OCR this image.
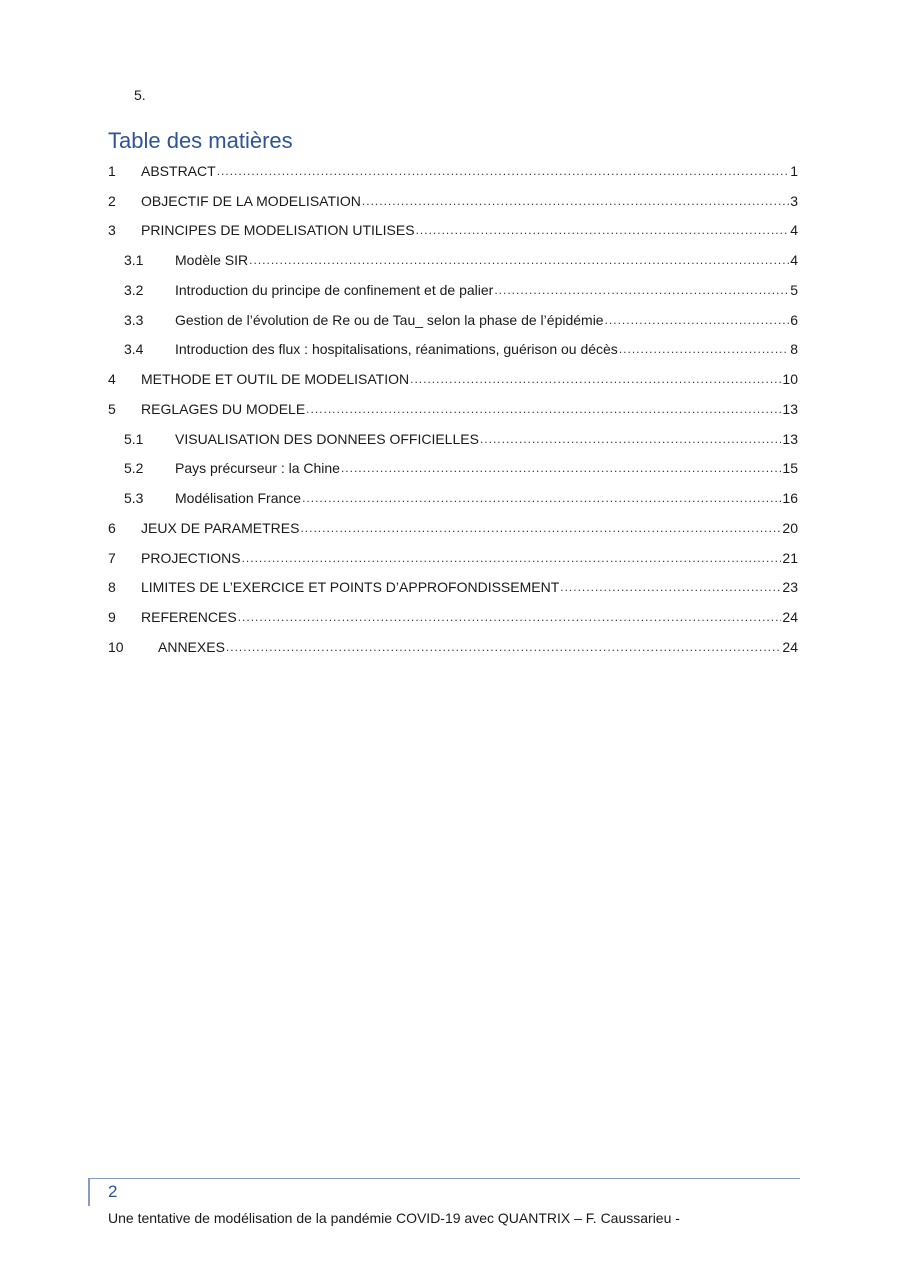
5.
Table des matières
1	ABSTRACT .....	1
2	OBJECTIF DE LA MODELISATION .....	3
3	PRINCIPES DE MODELISATION UTILISES .....	4
3.1	Modèle SIR .....	4
3.2	Introduction du principe de confinement et de palier .....	5
3.3	Gestion de l’évolution de Re ou de Tau_ selon la phase de l’épidémie .....	6
3.4	Introduction des flux : hospitalisations, réanimations, guérison ou décès .....	8
4	METHODE ET OUTIL DE MODELISATION .....	10
5	REGLAGES DU MODELE .....	13
5.1	VISUALISATION DES DONNEES OFFICIELLES .....	13
5.2	Pays précurseur : la Chine .....	15
5.3	Modélisation France .....	16
6	JEUX DE PARAMETRES .....	20
7	PROJECTIONS .....	21
8	LIMITES DE L’EXERCICE ET POINTS D’APPROFONDISSEMENT .....	23
9	REFERENCES .....	24
10	ANNEXES .....	24
2
Une tentative de modélisation de la pandémie COVID-19 avec QUANTRIX – F. Caussarieu -
